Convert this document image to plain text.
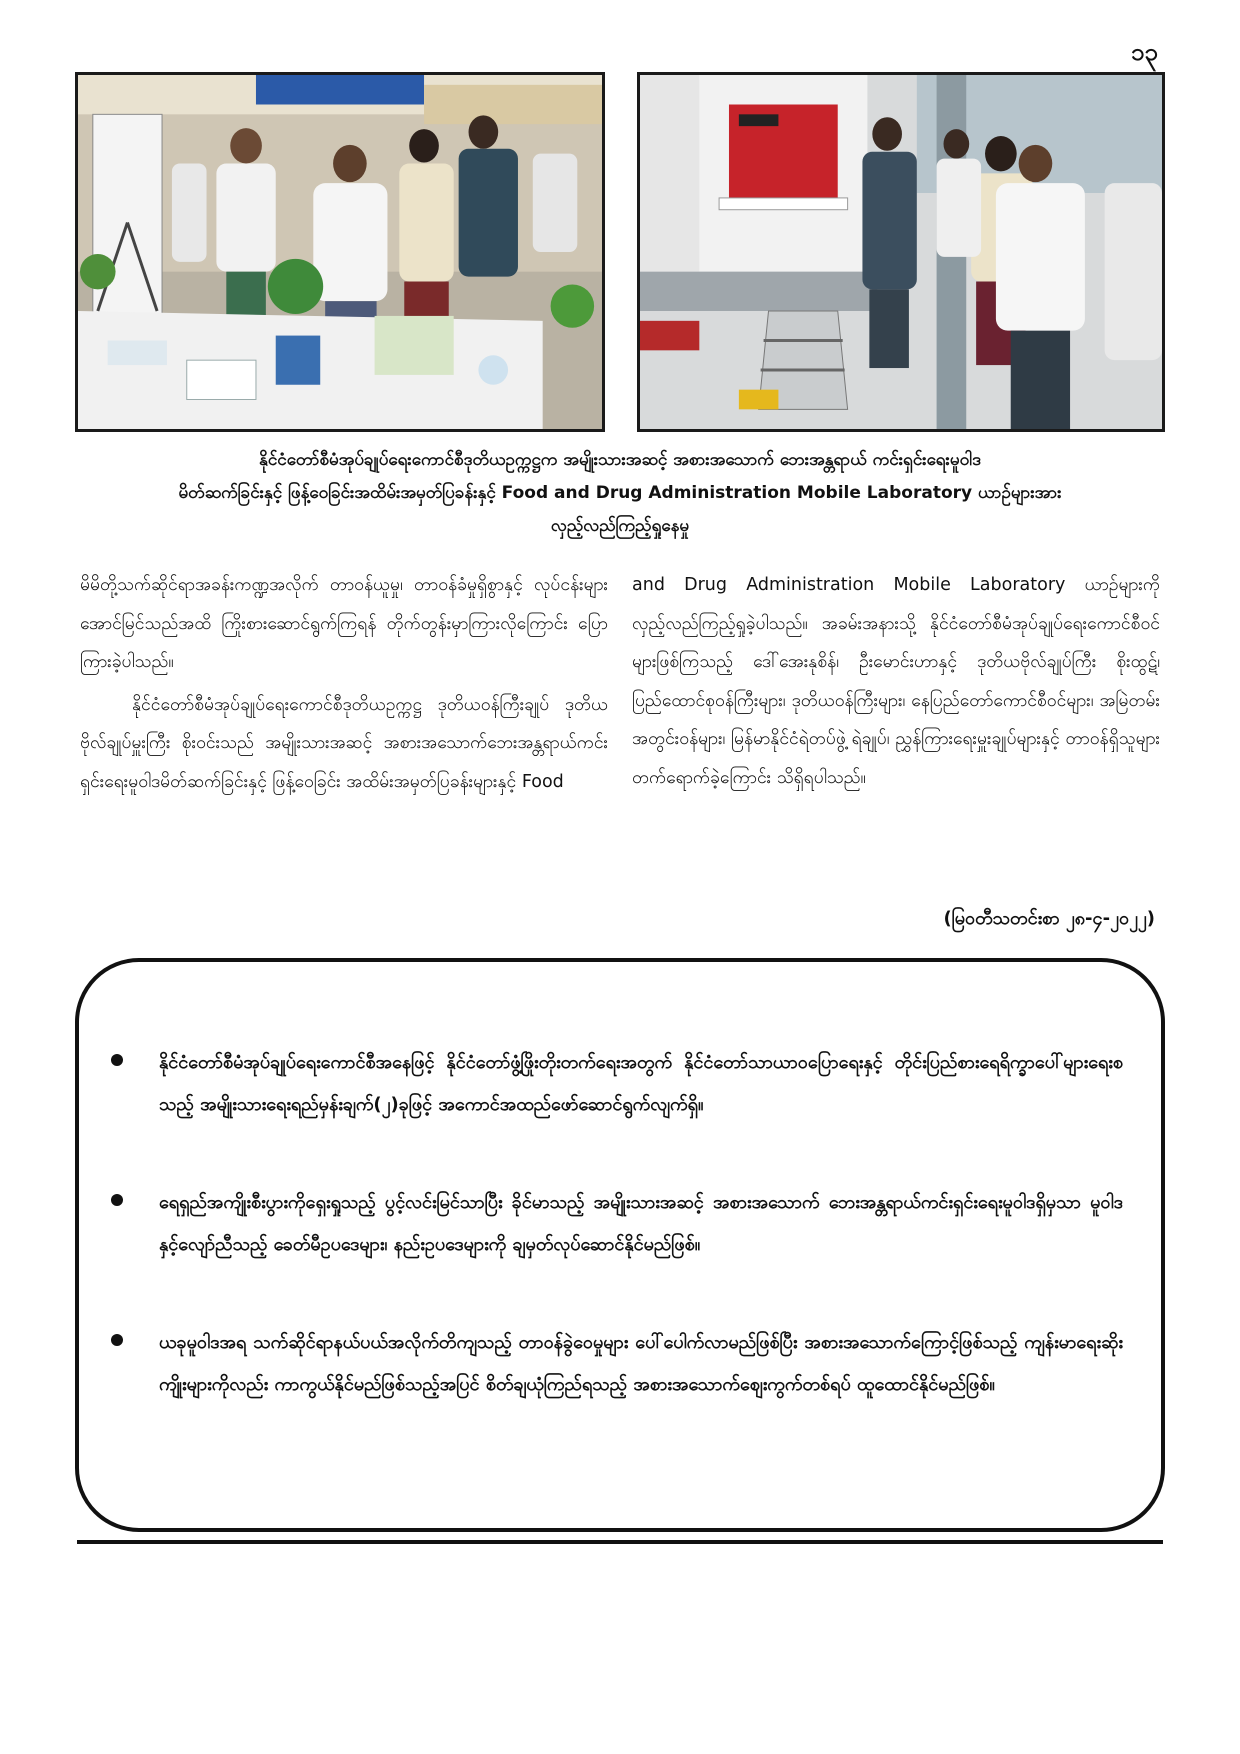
၁၃

နိုင်ငံတော်စီမံအုပ်ချုပ်ရေးကောင်စီဒုတိယဥက္ကဋ္ဌက အမျိုးသားအဆင့် အစားအသောက် ဘေးအန္တရာယ် ကင်းရှင်းရေးမူဝါဒ

မိတ်ဆက်ခြင်းနှင့် ဖြန့်ဝေခြင်းအထိမ်းအမှတ်ပြခန်းနှင့် Food and Drug Administration Mobile Laboratory ယာဉ်များအား

လှည့်လည်ကြည့်ရှုနေမှု

မိမိတို့သက်ဆိုင်ရာအခန်းကဏ္ဍအလိုက် တာဝန်ယူမှု၊ တာဝန်ခံမှုရှိစွာနှင့် လုပ်ငန်းများအောင်မြင်သည်အထိ ကြိုးစားဆောင်ရွက်ကြရန် တိုက်တွန်းမှာကြားလိုကြောင်း ပြောကြားခဲ့ပါသည်။

နိုင်ငံတော်စီမံအုပ်ချုပ်ရေးကောင်စီဒုတိယဥက္ကဋ္ဌ ဒုတိယဝန်ကြီးချုပ် ဒုတိယဗိုလ်ချုပ်မှူးကြီး စိုးဝင်းသည် အမျိုးသားအဆင့် အစားအသောက်ဘေးအန္တရာယ်ကင်းရှင်းရေးမူဝါဒမိတ်ဆက်ခြင်းနှင့် ဖြန့်ဝေခြင်း အထိမ်းအမှတ်ပြခန်းများနှင့် Food

and Drug Administration Mobile Laboratory ယာဉ်များကို လှည့်လည်ကြည့်ရှုခဲ့ပါသည်။ အခမ်းအနားသို့ နိုင်ငံတော်စီမံအုပ်ချုပ်ရေးကောင်စီဝင်များဖြစ်ကြသည့် ဒေါ်အေးနုစိန်၊ ဦးမောင်းဟာနှင့် ဒုတိယဗိုလ်ချုပ်ကြီး စိုးထွဋ်၊ ပြည်ထောင်စုဝန်ကြီးများ၊ ဒုတိယဝန်ကြီးများ၊ နေပြည်တော်ကောင်စီဝင်များ၊ အမြဲတမ်းအတွင်းဝန်များ၊ မြန်မာနိုင်ငံရဲတပ်ဖွဲ့ ရဲချုပ်၊ ညွှန်ကြားရေးမှူးချုပ်များနှင့် တာဝန်ရှိသူများ တက်ရောက်ခဲ့ကြောင်း သိရှိရပါသည်။

(မြဝတီသတင်းစာ ၂၈-၄-၂၀၂၂)
နိုင်ငံတော်စီမံအုပ်ချုပ်ရေးကောင်စီအနေဖြင့် နိုင်ငံတော်ဖွံ့ဖြိုးတိုးတက်ရေးအတွက် နိုင်ငံတော်သာယာဝပြောရေးနှင့် တိုင်းပြည်စားရေရိက္ခာပေါ်များရေးစသည့် အမျိုးသားရေးရည်မှန်းချက်(၂)ခုဖြင့် အကောင်အထည်ဖော်ဆောင်ရွက်လျက်ရှိ။
ရေရှည်အကျိုးစီးပွားကိုရှေးရှုသည့် ပွင့်လင်းမြင်သာပြီး ခိုင်မာသည့် အမျိုးသားအဆင့် အစားအသောက် ဘေးအန္တရာယ်ကင်းရှင်းရေးမူဝါဒရှိမှသာ မူဝါဒနှင့်လျော်ညီသည့် ခေတ်မီဥပဒေများ၊ နည်းဥပဒေများကို ချမှတ်လုပ်ဆောင်နိုင်မည်ဖြစ်။
ယခုမူဝါဒအရ သက်ဆိုင်ရာနယ်ပယ်အလိုက်တိကျသည့် တာဝန်ခွဲဝေမှုများ ပေါ်ပေါက်လာမည်ဖြစ်ပြီး အစားအသောက်ကြောင့်ဖြစ်သည့် ကျန်းမာရေးဆိုးကျိုးများကိုလည်း ကာကွယ်နိုင်မည်ဖြစ်သည့်အပြင် စိတ်ချယုံကြည်ရသည့် အစားအသောက်စျေးကွက်တစ်ရပ် ထူထောင်နိုင်မည်ဖြစ်။
